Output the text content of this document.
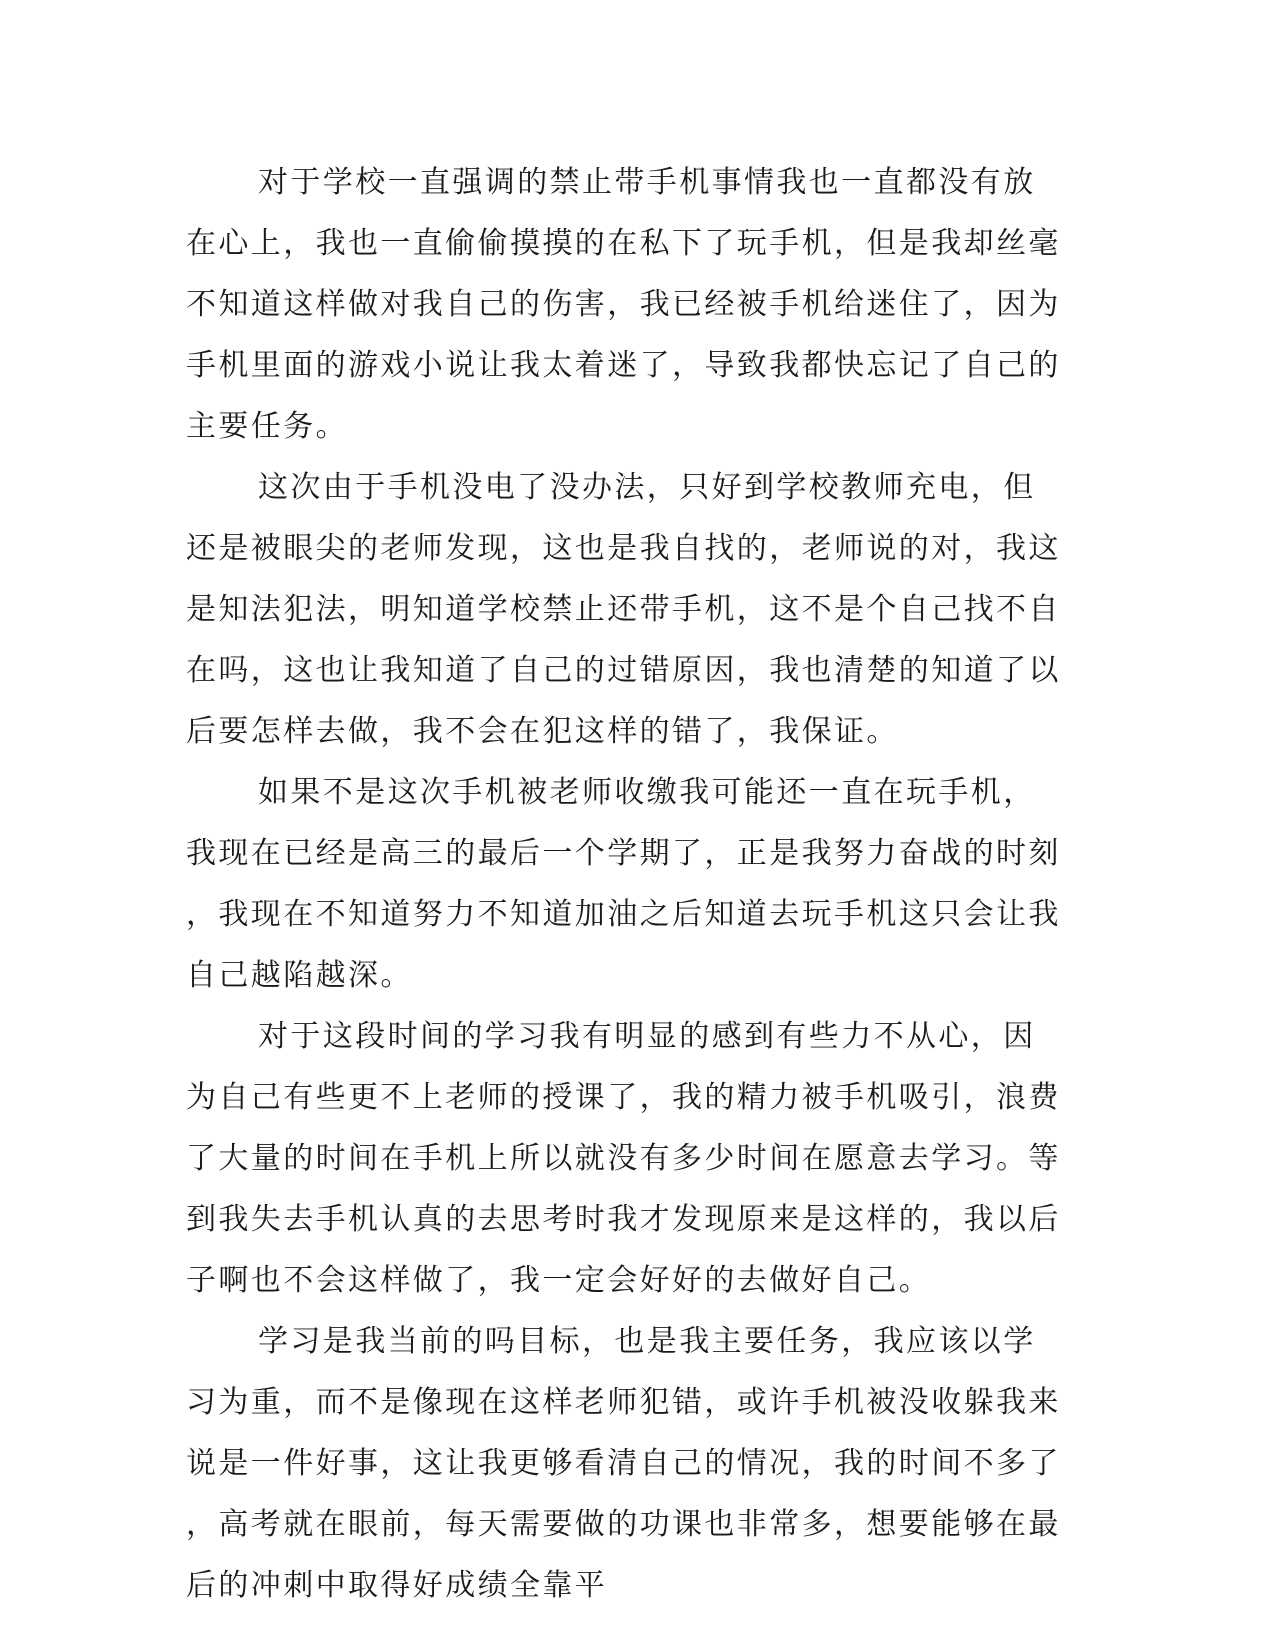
对于学校一直强调的禁止带手机事情我也一直都没有放在心上，我也一直偷偷摸摸的在私下了玩手机，但是我却丝毫不知道这样做对我自己的伤害，我已经被手机给迷住了，因为手机里面的游戏小说让我太着迷了，导致我都快忘记了自己的主要任务。

这次由于手机没电了没办法，只好到学校教师充电，但还是被眼尖的老师发现，这也是我自找的，老师说的对，我这是知法犯法，明知道学校禁止还带手机，这不是个自己找不自在吗，这也让我知道了自己的过错原因，我也清楚的知道了以后要怎样去做，我不会在犯这样的错了，我保证。

如果不是这次手机被老师收缴我可能还一直在玩手机，我现在已经是高三的最后一个学期了，正是我努力奋战的时刻，我现在不知道努力不知道加油之后知道去玩手机这只会让我自己越陷越深。

对于这段时间的学习我有明显的感到有些力不从心，因为自己有些更不上老师的授课了，我的精力被手机吸引，浪费了大量的时间在手机上所以就没有多少时间在愿意去学习。等到我失去手机认真的去思考时我才发现原来是这样的，我以后子啊也不会这样做了，我一定会好好的去做好自己。

学习是我当前的吗目标，也是我主要任务，我应该以学习为重，而不是像现在这样老师犯错，或许手机被没收躲我来说是一件好事，这让我更够看清自己的情况，我的时间不多了，高考就在眼前，每天需要做的功课也非常多，想要能够在最后的冲刺中取得好成绩全靠平
